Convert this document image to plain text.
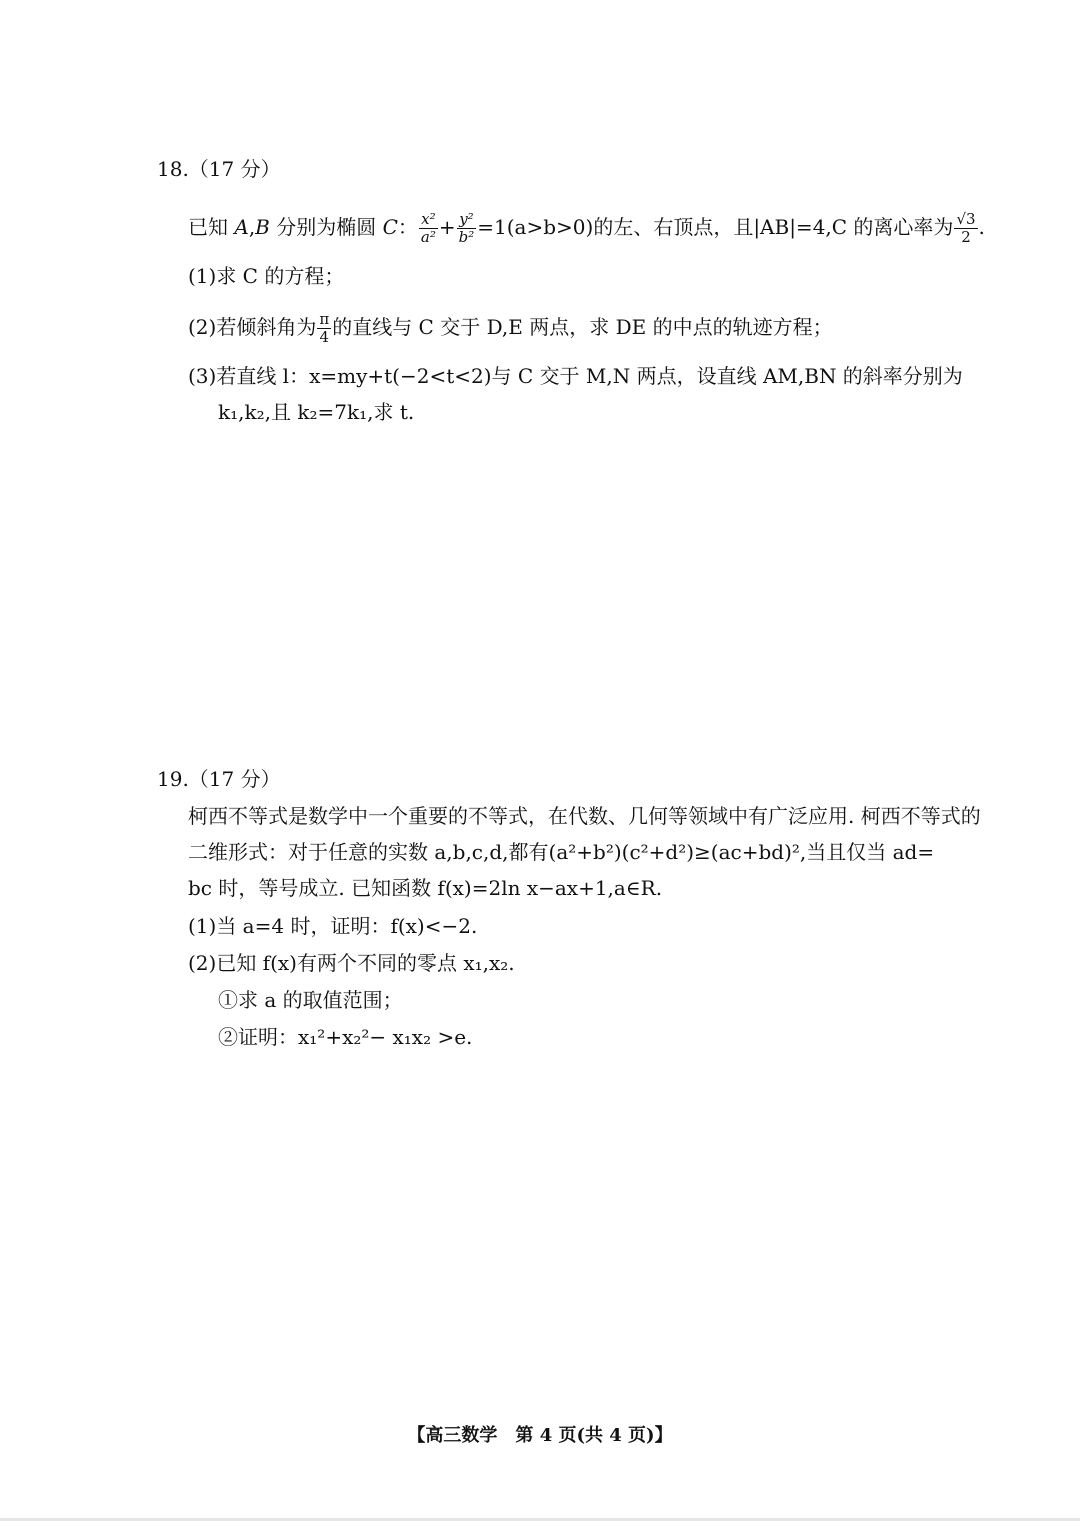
18.（17 分）
已知 A,B 分别为椭圆 C： $\frac{\text{x²}}{\text{a²}} + \frac{\text{y²}}{\text{b²}} =1(a>b>0)$的左、右顶点，且|AB|=4,C 的离心率为 $\frac{√3}{2}$ .
(1)求 C 的方程；
(2)若倾斜角为 $\frac{\pi}{4}$ 的直线与 C 交于 D,E 两点，求 DE 的中点的轨迹方程；
(3)若直线 l：x=my+t(−2<t<2)与 C 交于 M,N 两点，设直线 AM,BN 的斜率分别为
k₁,k₂,且 k₂=7k₁,求 t.
19.（17 分）
柯西不等式是数学中一个重要的不等式，在代数、几何等领域中有广泛应用. 柯西不等式的
二维形式：对于任意的实数 a,b,c,d,都有(a²+b²)(c²+d²)≥(ac+bd)²,当且仅当 ad=
bc 时，等号成立. 已知函数 f(x)=2ln x−ax+1,a∈R.
(1)当 a=4 时，证明：f(x)<−2.
(2)已知 f(x)有两个不同的零点 x₁,x₂.
①求 a 的取值范围；
②证明：x₁²+x₂²− x₁x₂ >e.
【高三数学　第 4 页(共 4 页)】
